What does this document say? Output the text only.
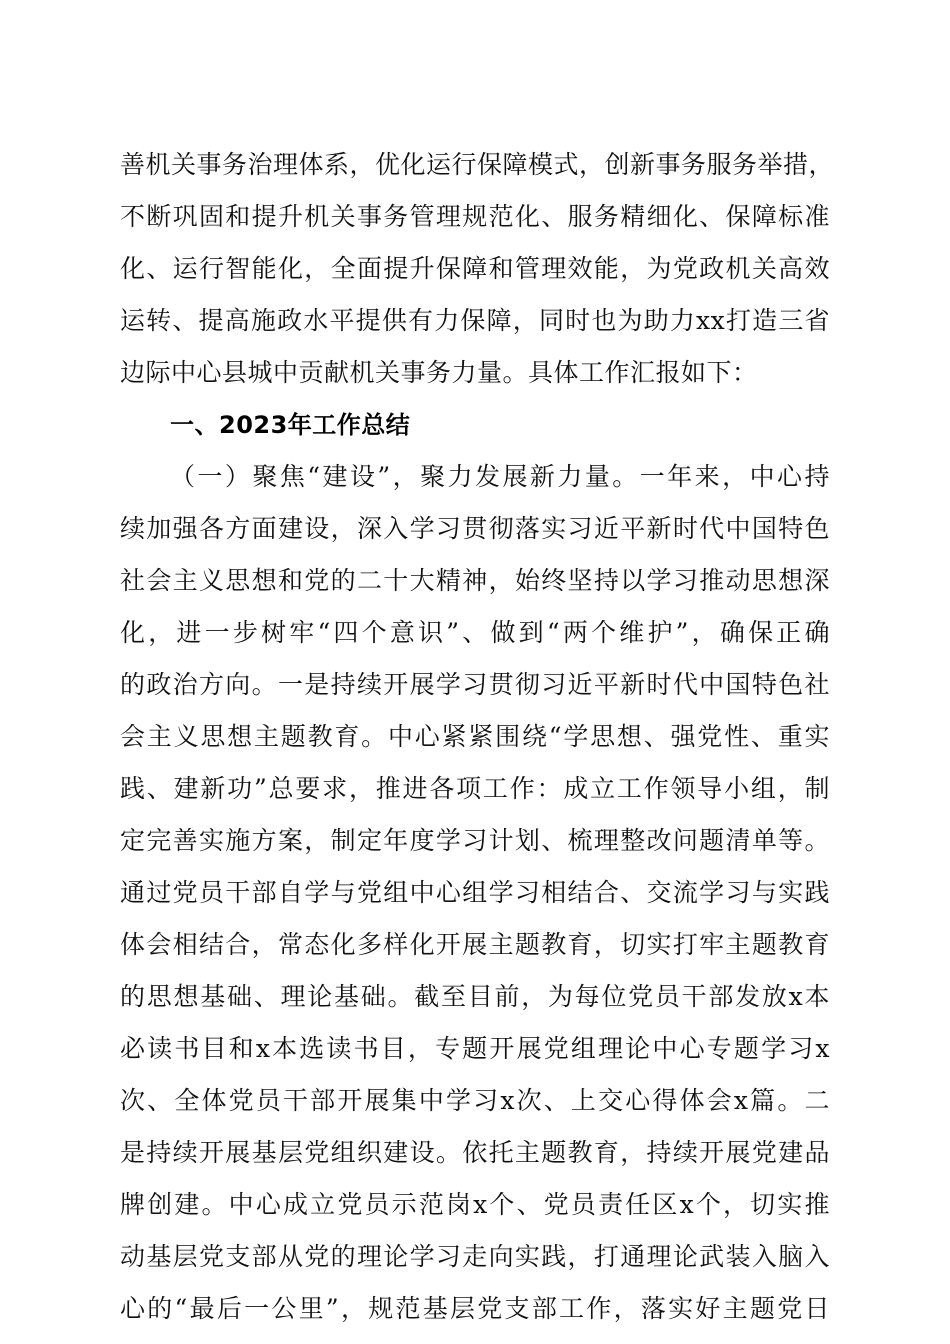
善机关事务治理体系，优化运行保障模式，创新事务服务举措，
不断巩固和提升机关事务管理规范化、服务精细化、保障标准
化、运行智能化，全面提升保障和管理效能，为党政机关高效
运转、提高施政水平提供有力保障，同时也为助力xx打造三省
边际中心县城中贡献机关事务力量。具体工作汇报如下：
一、2023年工作总结
（一）聚焦“建设”，聚力发展新力量。一年来，中心持
续加强各方面建设，深入学习贯彻落实习近平新时代中国特色
社会主义思想和党的二十大精神，始终坚持以学习推动思想深
化，进一步树牢“四个意识”、做到“两个维护”，确保正确
的政治方向。一是持续开展学习贯彻习近平新时代中国特色社
会主义思想主题教育。中心紧紧围绕“学思想、强党性、重实
践、建新功”总要求，推进各项工作：成立工作领导小组，制
定完善实施方案，制定年度学习计划、梳理整改问题清单等。
通过党员干部自学与党组中心组学习相结合、交流学习与实践
体会相结合，常态化多样化开展主题教育，切实打牢主题教育
的思想基础、理论基础。截至目前，为每位党员干部发放x本
必读书目和x本选读书目，专题开展党组理论中心专题学习x
次、全体党员干部开展集中学习x次、上交心得体会x篇。二
是持续开展基层党组织建设。依托主题教育，持续开展党建品
牌创建。中心成立党员示范岗x个、党员责任区x个，切实推
动基层党支部从党的理论学习走向实践，打通理论武装入脑入
心的“最后一公里”，规范基层党支部工作，落实好主题党日
